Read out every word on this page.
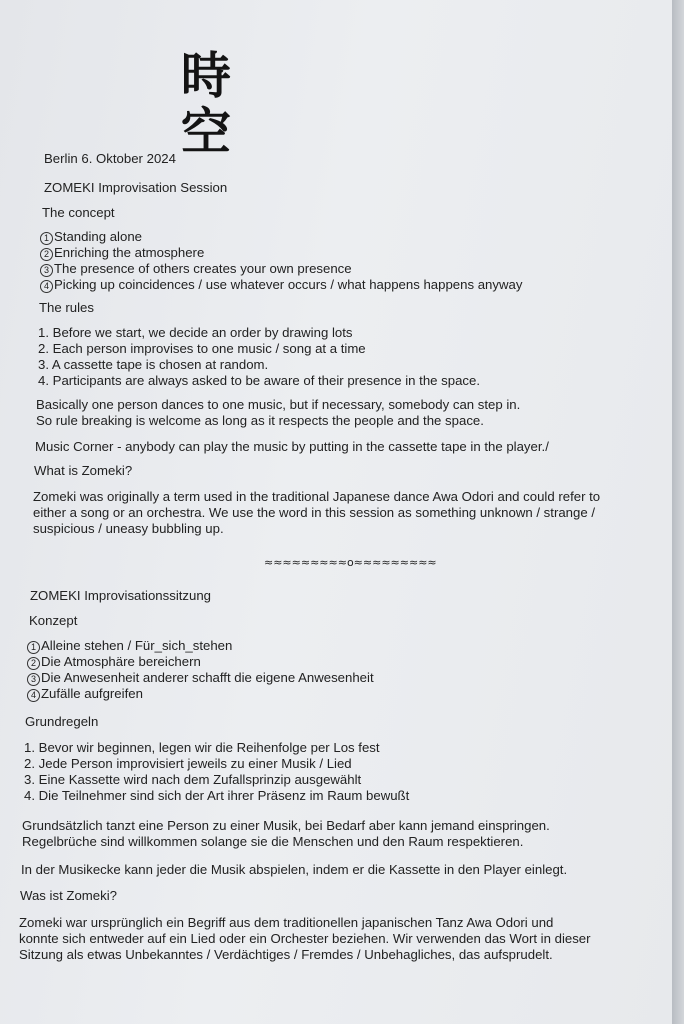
時
空
Berlin 6. Oktober 2024
ZOMEKI Improvisation Session
The concept
1 Standing alone
2 Enriching the atmosphere
3 The presence of others creates your own presence
4 Picking up coincidences / use whatever occurs / what happens happens anyway
The rules
1. Before we start, we decide an order by drawing lots
2. Each person improvises to one music / song at a time
3. A cassette tape is chosen at random.
4. Participants are always asked to be aware of their presence in the space.
Basically one person dances to one music, but if necessary, somebody can step in.
So rule breaking is welcome as long as it respects the people and the space.
Music Corner - anybody can play the music by putting in the cassette tape in the player./
What is Zomeki?
Zomeki was originally a term used in the traditional Japanese dance Awa Odori and could refer to
either a song or an orchestra. We use the word in this session as something unknown / strange /
suspicious / uneasy bubbling up.
≈≈≈≈≈≈≈≈≈o≈≈≈≈≈≈≈≈≈
ZOMEKI Improvisationssitzung
Konzept
1 Alleine stehen / Für_sich_stehen
2 Die Atmosphäre bereichern
3 Die Anwesenheit anderer schafft die eigene Anwesenheit
4 Zufälle aufgreifen
Grundregeln
1. Bevor wir beginnen, legen wir die Reihenfolge per Los fest
2. Jede Person improvisiert jeweils zu einer Musik / Lied
3. Eine Kassette wird nach dem Zufallsprinzip ausgewählt
4. Die Teilnehmer sind sich der Art ihrer Präsenz im Raum bewußt
Grundsätzlich tanzt eine Person zu einer Musik, bei Bedarf aber kann jemand einspringen.
Regelbrüche sind willkommen solange sie die Menschen und den Raum respektieren.
In der Musikecke kann jeder die Musik abspielen, indem er die Kassette in den Player einlegt.
Was ist Zomeki?
Zomeki war ursprünglich ein Begriff aus dem traditionellen japanischen Tanz Awa Odori und
konnte sich entweder auf ein Lied oder ein Orchester beziehen. Wir verwenden das Wort in dieser
Sitzung als etwas Unbekanntes / Verdächtiges / Fremdes / Unbehagliches, das aufsprudelt.
